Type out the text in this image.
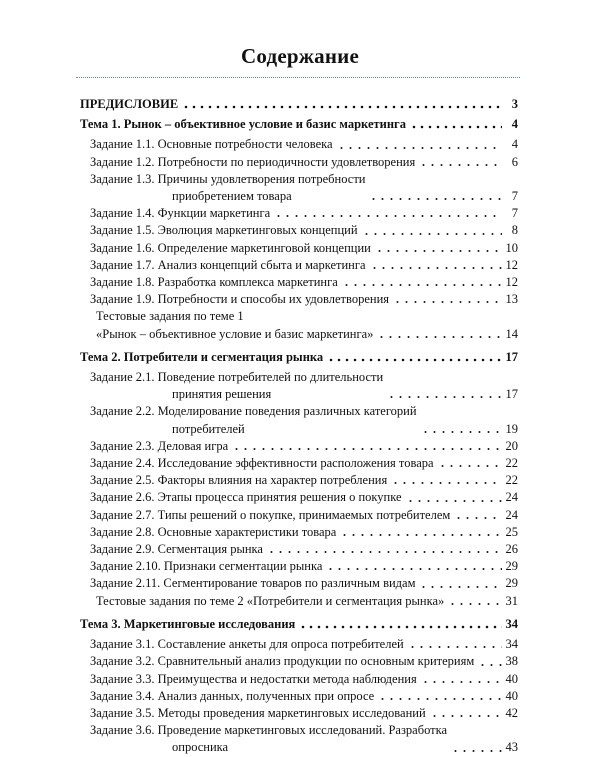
Содержание
ПРЕДИСЛОВИЕ	3
Тема 1. Рынок – объективное условие и базис маркетинга	4
Задание 1.1. Основные потребности человека	4
Задание 1.2. Потребности по периодичности удовлетворения	6
Задание 1.3. Причины удовлетворения потребности
приобретением товара	7
Задание 1.4. Функции маркетинга	7
Задание 1.5. Эволюция маркетинговых концепций	8
Задание 1.6. Определение маркетинговой концепции	10
Задание 1.7. Анализ концепций сбыта и маркетинга	12
Задание 1.8. Разработка комплекса маркетинга	12
Задание 1.9. Потребности и способы их удовлетворения	13
Тестовые задания по теме 1
«Рынок – объективное условие и базис маркетинга»	14
Тема 2. Потребители и сегментация рынка	17
Задание 2.1. Поведение потребителей по длительности
принятия решения	17
Задание 2.2. Моделирование поведения различных категорий
потребителей	19
Задание 2.3. Деловая игра	20
Задание 2.4. Исследование эффективности расположения товара	22
Задание 2.5. Факторы влияния на характер потребления	22
Задание 2.6. Этапы процесса принятия решения о покупке	24
Задание 2.7. Типы решений о покупке, принимаемых потребителем	24
Задание 2.8. Основные характеристики товара	25
Задание 2.9. Сегментация рынка	26
Задание 2.10. Признаки сегментации рынка	29
Задание 2.11. Сегментирование товаров по различным видам	29
Тестовые задания по теме 2 «Потребители и сегментация рынка»	31
Тема 3. Маркетинговые исследования	34
Задание 3.1. Составление анкеты для опроса потребителей	34
Задание 3.2. Сравнительный анализ продукции по основным критериям 38
Задание 3.3. Преимущества и недостатки метода наблюдения	40
Задание 3.4. Анализ данных, полученных при опросе	40
Задание 3.5. Методы проведения маркетинговых исследований	42
Задание 3.6. Проведение маркетинговых исследований. Разработка
опросника	43
